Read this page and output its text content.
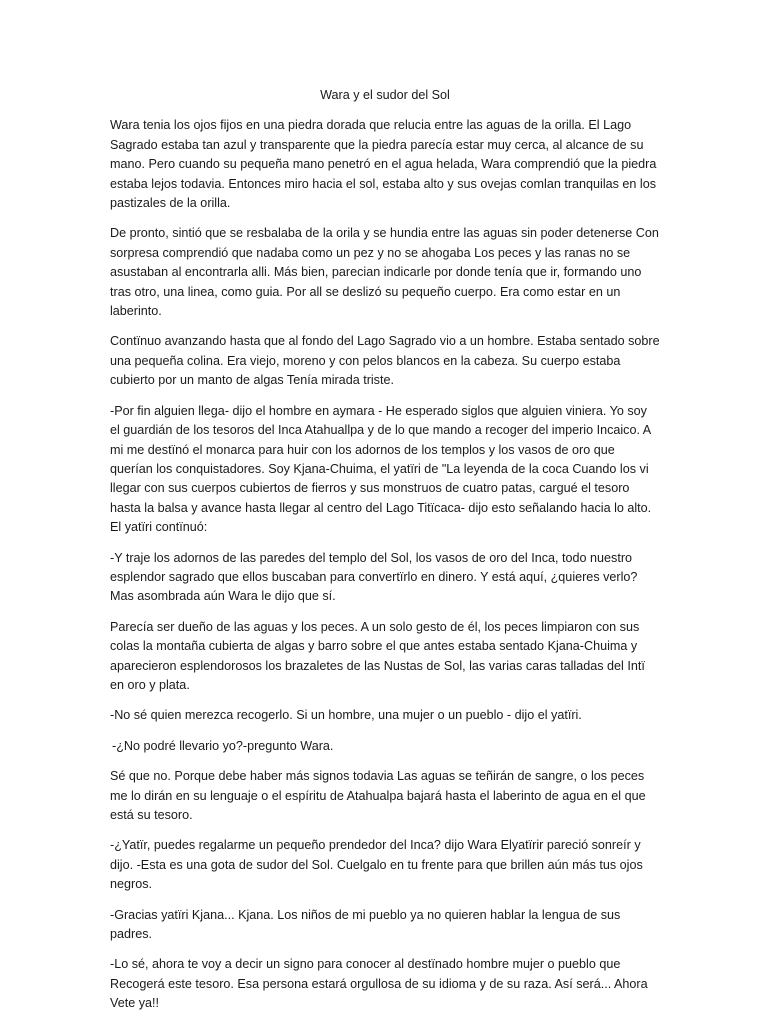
Wara y el sudor del Sol

Wara tenia los ojos fijos en una piedra dorada que relucia entre las aguas de la orilla. El Lago Sagrado estaba tan azul y transparente que la piedra parecía estar muy cerca, al alcance de su mano. Pero cuando su pequeña mano penetró en el agua helada, Wara comprendió que la piedra estaba lejos todavia. Entonces miro hacia el sol, estaba alto y sus ovejas comlan tranquilas en los pastizales de la orilla.

De pronto, sintió que se resbalaba de la orila y se hundia entre las aguas sin poder detenerse Con sorpresa comprendió que nadaba como un pez y no se ahogaba Los peces y las ranas no se asustaban al encontrarla alli. Más bien, parecian indicarle por donde tenía que ir, formando uno tras otro, una linea, como guia. Por all se deslizó su pequeño cuerpo. Era como estar en un laberinto.

Contïnuo avanzando hasta que al fondo del Lago Sagrado vio a un hombre. Estaba sentado sobre una pequeña colina. Era viejo, moreno y con pelos blancos en la cabeza. Su cuerpo estaba cubierto por un manto de algas Tenía mirada triste.

-Por fin alguien llega- dijo el hombre en aymara - He esperado siglos que alguien viniera. Yo soy el guardián de los tesoros del Inca Atahuallpa y de lo que mando a recoger del imperio Incaico. A mi me destïnó el monarca para huir con los adornos de los templos y los vasos de oro que querían los conquistadores. Soy Kjana-Chuima, el yatïri de "La leyenda de la coca Cuando los vi llegar con sus cuerpos cubiertos de fierros y sus monstruos de cuatro patas, cargué el tesoro hasta la balsa y avance hasta llegar al centro del Lago Titïcaca- dijo esto señalando hacia lo alto. El yatïri contïnuó:

-Y traje los adornos de las paredes del templo del Sol, los vasos de oro del Inca, todo nuestro esplendor sagrado que ellos buscaban para convertïrlo en dinero. Y está aquí, ¿quieres verlo? Mas asombrada aún Wara le dijo que sí.

Parecía ser dueño de las aguas y los peces. A un solo gesto de él, los peces limpiaron con sus colas la montaña cubierta de algas y barro sobre el que antes estaba sentado Kjana-Chuima y aparecieron esplendorosos los brazaletes de las Nustas de Sol, las varias caras talladas del Intï en oro y plata.

-No sé quien merezca recogerlo. Si un hombre, una mujer o un pueblo - dijo el yatïri.

-¿No podré llevario yo?-pregunto Wara.

Sé que no. Porque debe haber más signos todavia Las aguas se teñirán de sangre, o los peces me lo dirán en su lenguaje o el espíritu de Atahualpa bajará hasta el laberinto de agua en el que está su tesoro.

-¿Yatïr, puedes regalarme un pequeño prendedor del Inca? dijo Wara Elyatïrir pareció sonreír y dijo. -Esta es una gota de sudor del Sol. Cuelgalo en tu frente para que brillen aún más tus ojos negros.

-Gracias yatïri Kjana... Kjana. Los niños de mi pueblo ya no quieren hablar la lengua de sus padres.

-Lo sé, ahora te voy a decir un signo para conocer al destïnado hombre mujer o pueblo que Recogerá este tesoro. Esa persona estará orgullosa de su idioma y de su raza. Así será... Ahora Vete ya!!
